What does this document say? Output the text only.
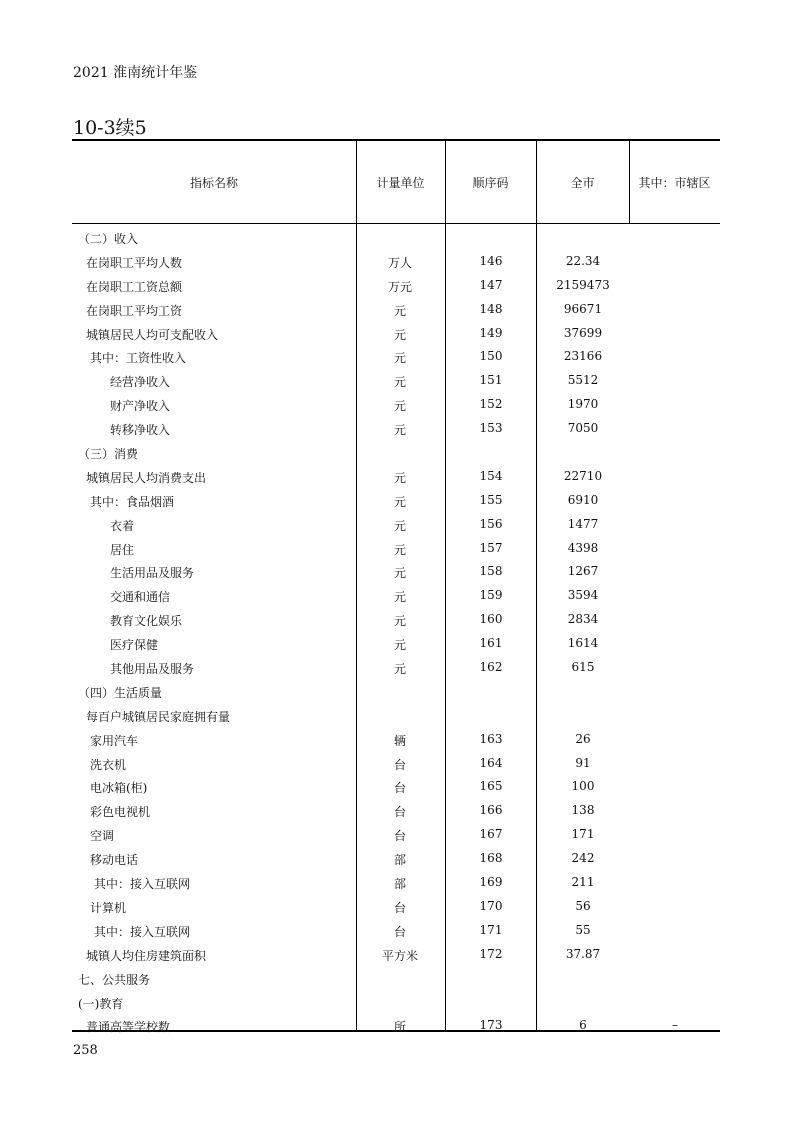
2021 淮南统计年鉴
10-3续5
指标名称	计量单位	顺序码	全市	其中：市辖区
（二）收入
在岗职工平均人数	万人	146	22.34
在岗职工工资总额	万元	147	2159473
在岗职工平均工资	元	148	96671
城镇居民人均可支配收入	元	149	37699
其中：工资性收入	元	150	23166
经营净收入	元	151	5512
财产净收入	元	152	1970
转移净收入	元	153	7050
（三）消费
城镇居民人均消费支出	元	154	22710
其中：食品烟酒	元	155	6910
衣着	元	156	1477
居住	元	157	4398
生活用品及服务	元	158	1267
交通和通信	元	159	3594
教育文化娱乐	元	160	2834
医疗保健	元	161	1614
其他用品及服务	元	162	615
（四）生活质量
每百户城镇居民家庭拥有量
家用汽车	辆	163	26
洗衣机	台	164	91
电冰箱(柜)	台	165	100
彩色电视机	台	166	138
空调	台	167	171
移动电话	部	168	242
其中：接入互联网	部	169	211
计算机	台	170	56
其中：接入互联网	台	171	55
城镇人均住房建筑面积	平方米	172	37.87
七、公共服务
(一)教育
普通高等学校数	所	173	6	–
258
